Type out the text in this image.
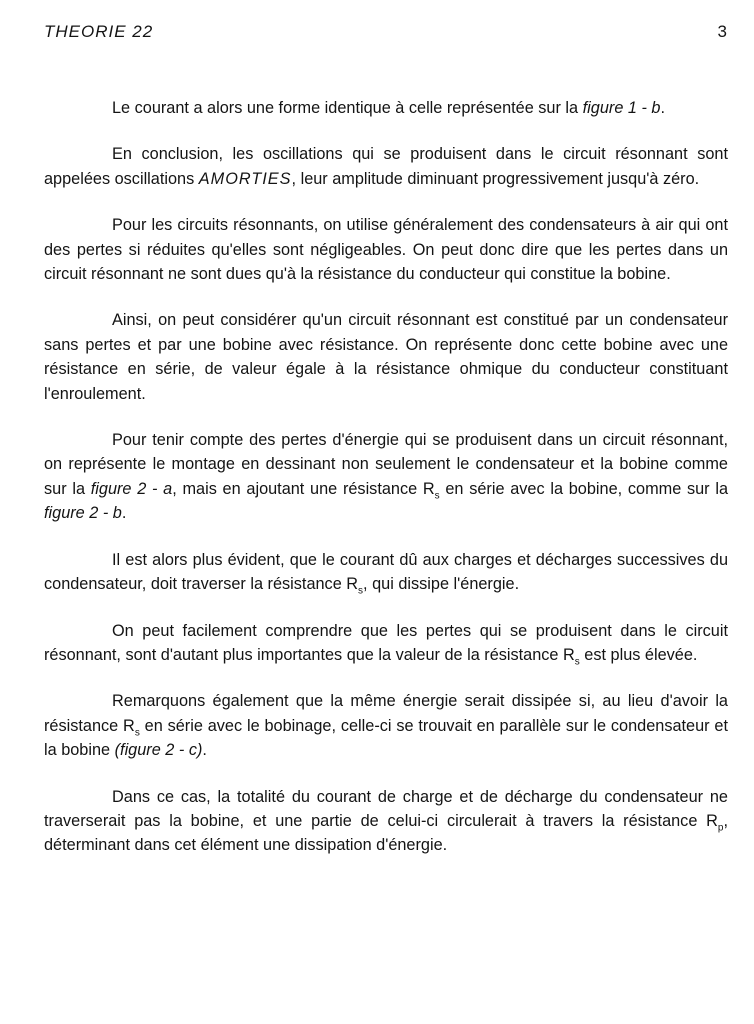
THEORIE 22	3

Le courant a alors une forme identique à celle représentée sur la figure 1 - b.

En conclusion, les oscillations qui se produisent dans le circuit résonnant sont appelées oscillations AMORTIES, leur amplitude diminuant progressivement jusqu'à zéro.

Pour les circuits résonnants, on utilise généralement des condensateurs à air qui ont des pertes si réduites qu'elles sont négligeables. On peut donc dire que les pertes dans un circuit résonnant ne sont dues qu'à la résistance du conducteur qui constitue la bobine.

Ainsi, on peut considérer qu'un circuit résonnant est constitué par un condensateur sans pertes et par une bobine avec résistance. On représente donc cette bobine avec une résistance en série, de valeur égale à la résistance ohmique du conducteur constituant l'enroulement.

Pour tenir compte des pertes d'énergie qui se produisent dans un circuit résonnant, on représente le montage en dessinant non seulement le condensateur et la bobine comme sur la figure 2 - a, mais en ajoutant une résistance $R_s$ en série avec la bobine, comme sur la figure 2 - b.

Il est alors plus évident, que le courant dû aux charges et décharges successives du condensateur, doit traverser la résistance $R_s$, qui dissipe l'énergie.

On peut facilement comprendre que les pertes qui se produisent dans le circuit résonnant, sont d'autant plus importantes que la valeur de la résistance $R_s$ est plus élevée.

Remarquons également que la même énergie serait dissipée si, au lieu d'avoir la résistance $R_s$ en série avec le bobinage, celle-ci se trouvait en parallèle sur le condensateur et la bobine (figure 2 - c).

Dans ce cas, la totalité du courant de charge et de décharge du condensateur ne traverserait pas la bobine, et une partie de celui-ci circulerait à travers la résistance $R_p$, déterminant dans cet élément une dissipation d'énergie.
